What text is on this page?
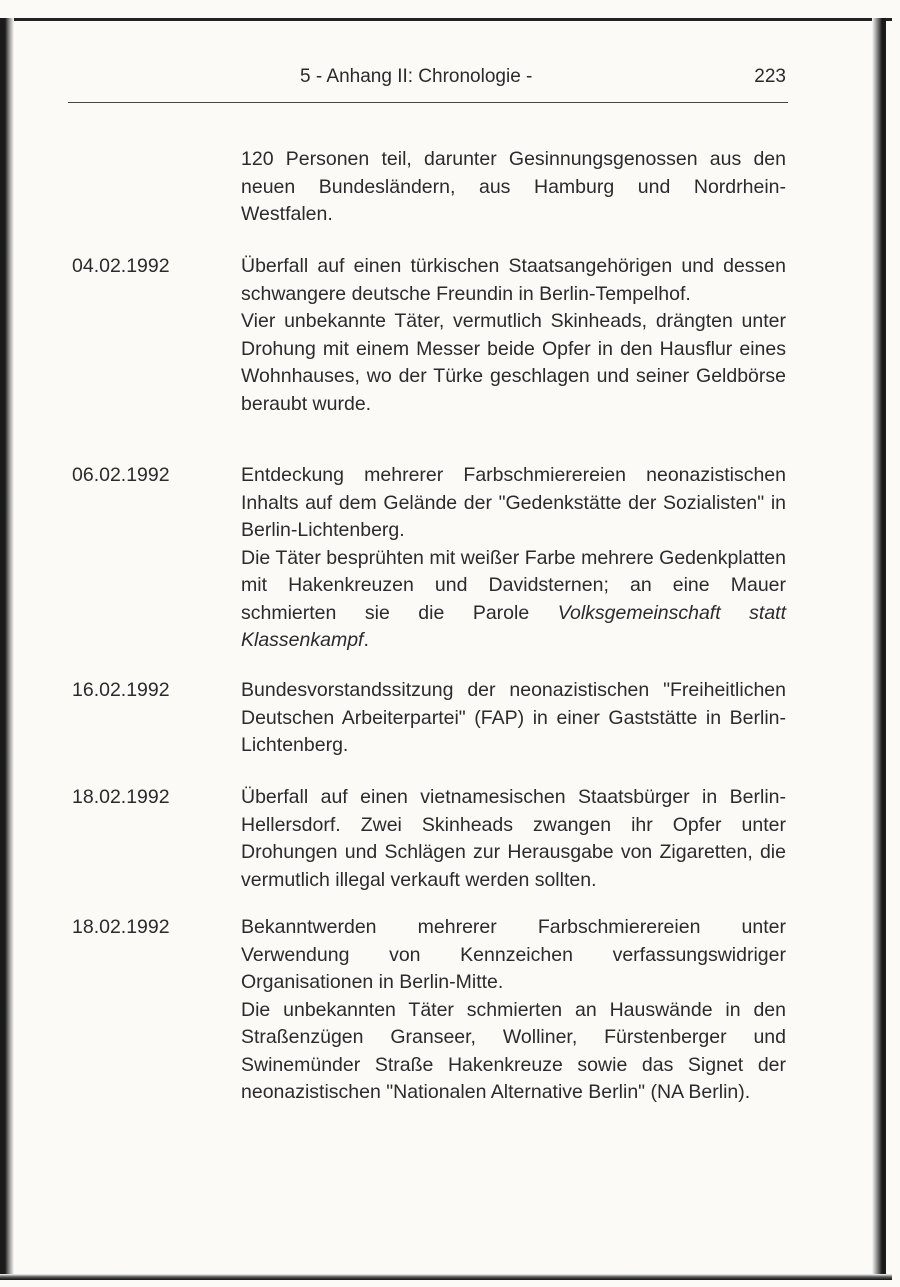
5 - Anhang II: Chronologie -	223

120 Personen teil, darunter Gesinnungsgenossen aus den neuen Bundesländern, aus Hamburg und Nordrhein-Westfalen.

04.02.1992	Überfall auf einen türkischen Staatsangehörigen und dessen schwangere deutsche Freundin in Berlin-Tempelhof.

Vier unbekannte Täter, vermutlich Skinheads, drängten unter Drohung mit einem Messer beide Opfer in den Hausflur eines Wohnhauses, wo der Türke geschlagen und seiner Geldbörse beraubt wurde.

06.02.1992	Entdeckung mehrerer Farbschmierereien neonazistischen Inhalts auf dem Gelände der "Gedenkstätte der Sozialisten" in Berlin-Lichtenberg.

Die Täter besprühten mit weißer Farbe mehrere Gedenkplatten mit Hakenkreuzen und Davidsternen; an eine Mauer schmierten sie die Parole Volksgemeinschaft statt Klassenkampf.

16.02.1992	Bundesvorstandssitzung der neonazistischen "Freiheitlichen Deutschen Arbeiterpartei" (FAP) in einer Gaststätte in Berlin-Lichtenberg.

18.02.1992	Überfall auf einen vietnamesischen Staatsbürger in Berlin-Hellersdorf. Zwei Skinheads zwangen ihr Opfer unter Drohungen und Schlägen zur Herausgabe von Zigaretten, die vermutlich illegal verkauft werden sollten.

18.02.1992	Bekanntwerden mehrerer Farbschmierereien unter Verwendung von Kennzeichen verfassungswidriger Organisationen in Berlin-Mitte.

Die unbekannten Täter schmierten an Hauswände in den Straßenzügen Granseer, Wolliner, Fürstenberger und Swinemünder Straße Hakenkreuze sowie das Signet der neonazistischen "Nationalen Alternative Berlin" (NA Berlin).
